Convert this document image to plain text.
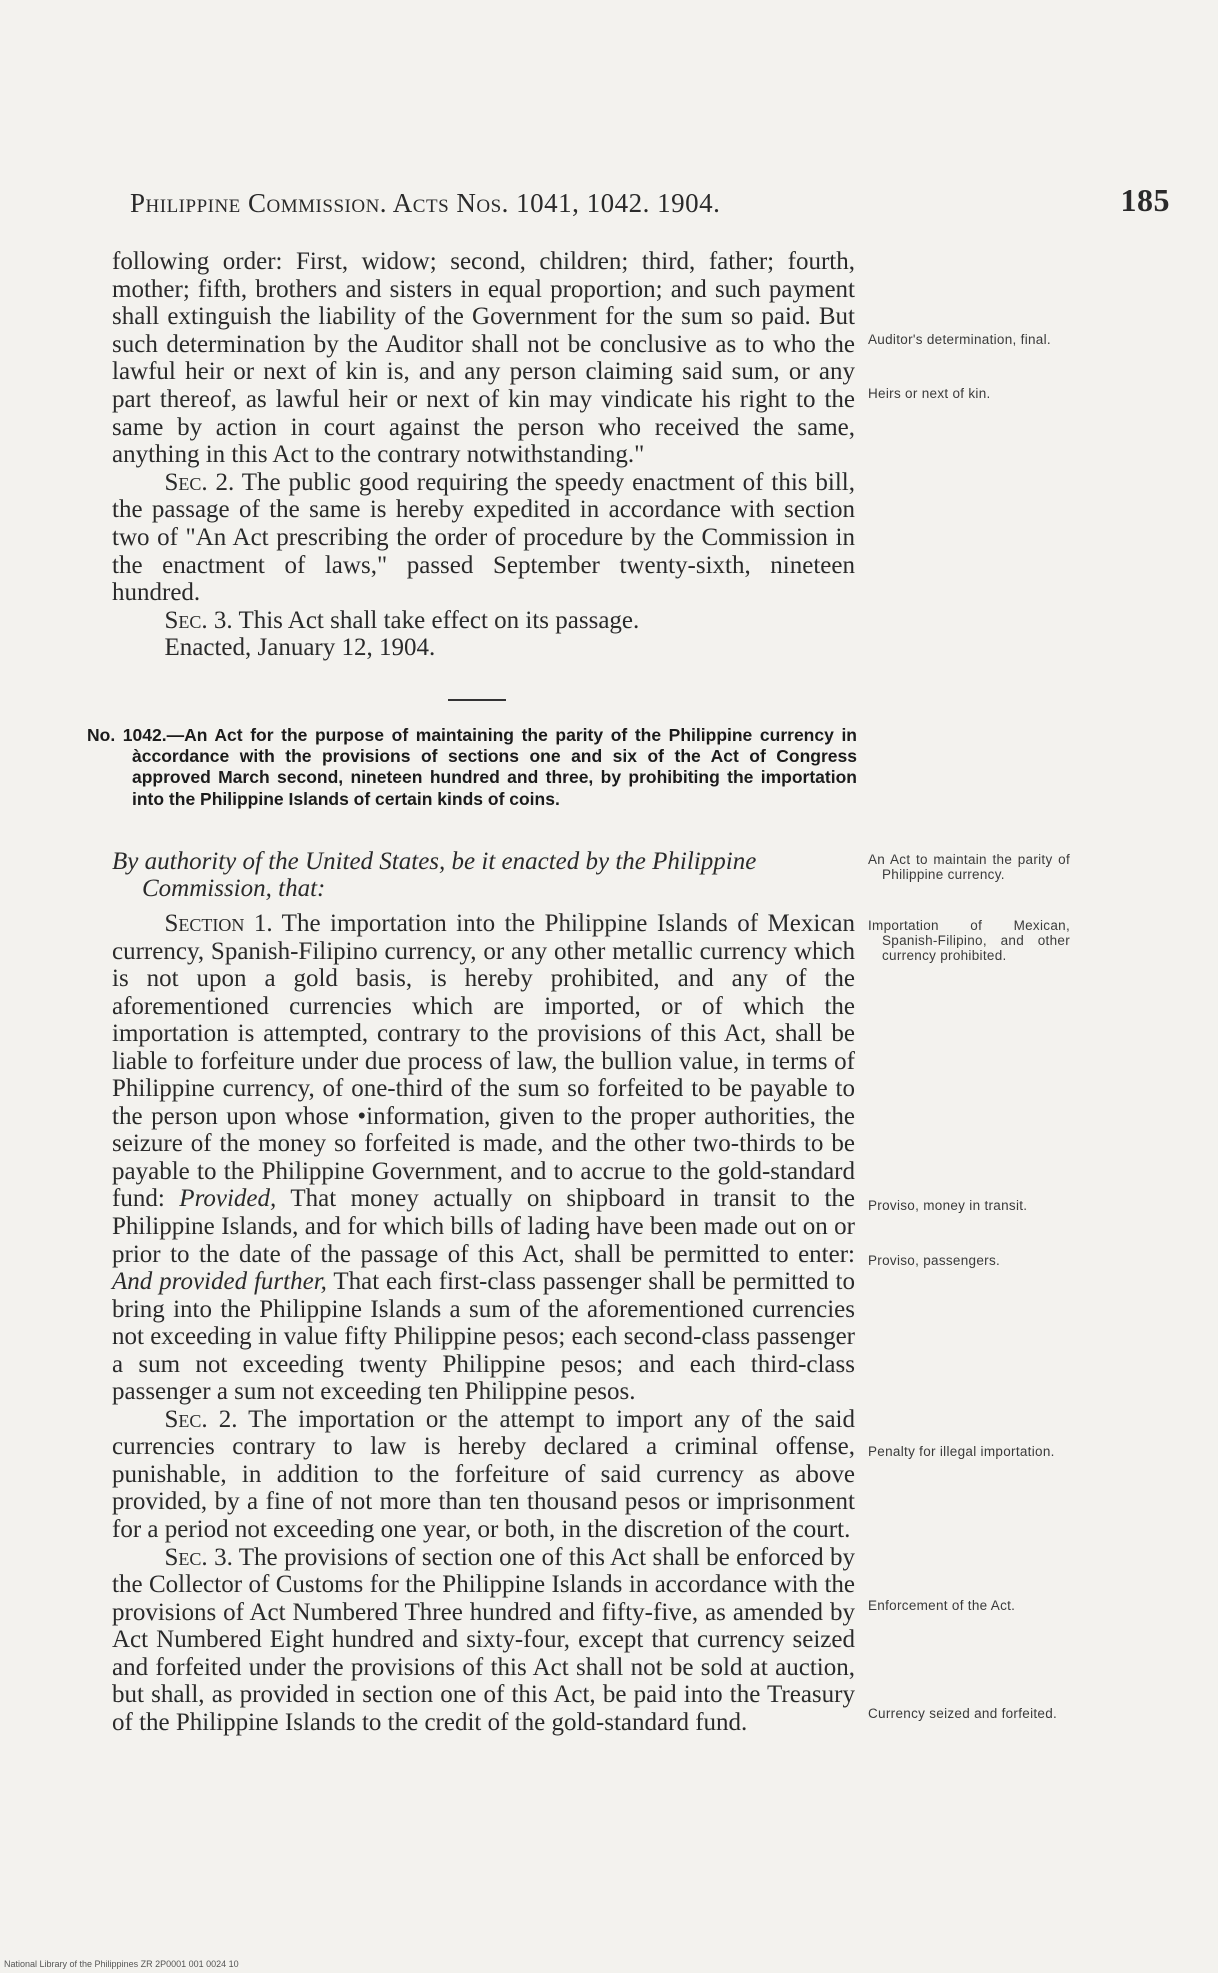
Philippine Commission. Acts Nos. 1041, 1042. 1904.	185

following order: First, widow; second, children; third, father; fourth, mother; fifth, brothers and sisters in equal proportion; and such payment shall extinguish the liability of the Government for the sum so paid. But such determination by the Auditor shall not be conclusive as to who the lawful heir or next of kin is, and any person claiming said sum, or any part thereof, as lawful heir or next of kin may vindicate his right to the same by action in court against the person who received the same, anything in this Act to the contrary notwithstanding."

Sec. 2. The public good requiring the speedy enactment of this bill, the passage of the same is hereby expedited in accordance with section two of "An Act prescribing the order of procedure by the Commission in the enactment of laws," passed September twenty-sixth, nineteen hundred.

Sec. 3. This Act shall take effect on its passage.

Enacted, January 12, 1904.

No. 1042.—An Act for the purpose of maintaining the parity of the Philippine currency in àccordance with the provisions of sections one and six of the Act of Congress approved March second, nineteen hundred and three, by prohibiting the importation into the Philippine Islands of certain kinds of coins.
By authority of the United States, be it enacted by the Philippine Commission, that:

Section 1. The importation into the Philippine Islands of Mexican currency, Spanish-Filipino currency, or any other metallic currency which is not upon a gold basis, is hereby prohibited, and any of the aforementioned currencies which are imported, or of which the importation is attempted, contrary to the provisions of this Act, shall be liable to forfeiture under due process of law, the bullion value, in terms of Philippine currency, of one-third of the sum so forfeited to be payable to the person upon whose •information, given to the proper authorities, the seizure of the money so forfeited is made, and the other two-thirds to be payable to the Philippine Government, and to accrue to the gold-standard fund: Provided, That money actually on shipboard in transit to the Philippine Islands, and for which bills of lading have been made out on or prior to the date of the passage of this Act, shall be permitted to enter: And provided further, That each first-class passenger shall be permitted to bring into the Philippine Islands a sum of the aforementioned currencies not exceeding in value fifty Philippine pesos; each second-class passenger a sum not exceeding twenty Philippine pesos; and each third-class passenger a sum not exceeding ten Philippine pesos.

Sec. 2. The importation or the attempt to import any of the said currencies contrary to law is hereby declared a criminal offense, punishable, in addition to the forfeiture of said currency as above provided, by a fine of not more than ten thousand pesos or imprisonment for a period not exceeding one year, or both, in the discretion of the court.

Sec. 3. The provisions of section one of this Act shall be enforced by the Collector of Customs for the Philippine Islands in accordance with the provisions of Act Numbered Three hundred and fifty-five, as amended by Act Numbered Eight hundred and sixty-four, except that currency seized and forfeited under the provisions of this Act shall not be sold at auction, but shall, as provided in section one of this Act, be paid into the Treasury of the Philippine Islands to the credit of the gold-standard fund.

Auditor's determination, final.
Heirs or next of kin.
An Act to maintain the parity of Philippine currency.
Importation of Mexican, Spanish-Filipino, and other currency prohibited.
Proviso, money in transit.
Proviso, passengers.
Penalty for illegal importation.
Enforcement of the Act.
Currency seized and forfeited.
National Library of the Philippines ZR 2P0001 001 0024 10
